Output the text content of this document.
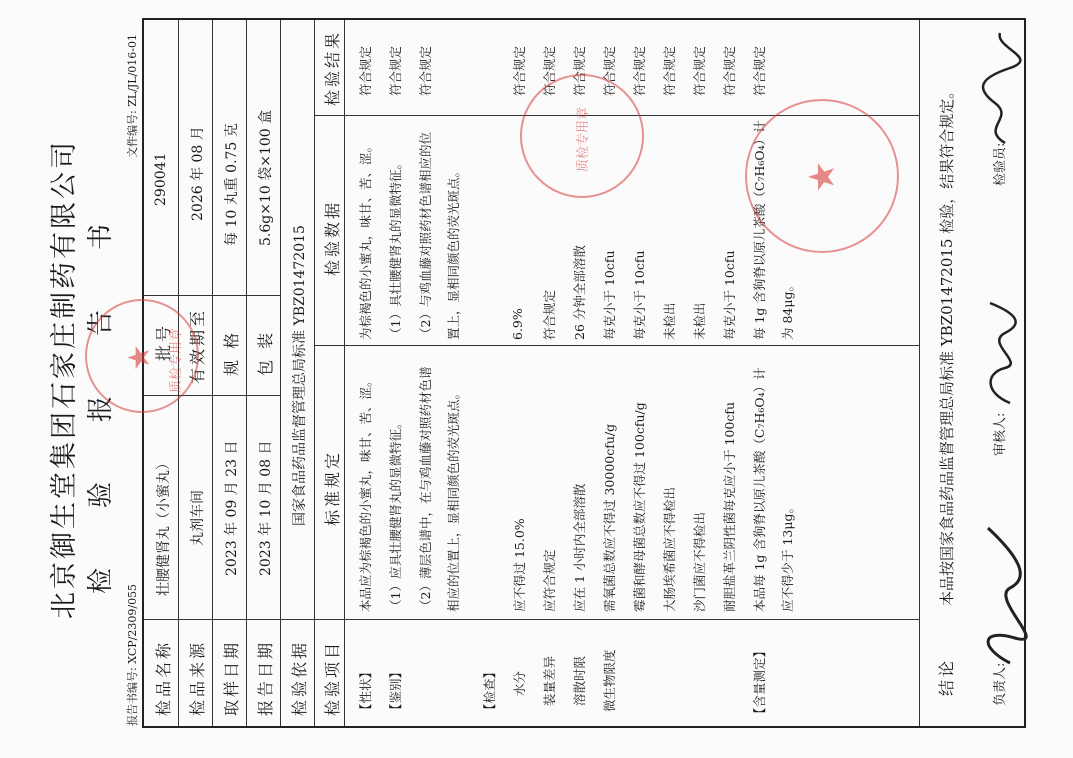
北京御生堂集团石家庄制药有限公司 检验报告书
报告书编号: XCP/2309/055
文件编号: ZL/JL/016-01
检品名称
壮腰健肾丸（小蜜丸）
批号
290041
检品来源
丸剂车间
有效期至
2026 年 08 月
取样日期
2023 年 09 月 23 日
规 格
每 10 丸重 0.75 克
报告日期
2023 年 10 月 08 日
包 装
5.6g×10 袋×100 盒
检验依据
国家食品药品监督管理总局标准 YBZ01472015
检验项目
标准规定
检验数据
检验结果
【性状】
本品应为棕褐色的小蜜丸，味甘、苦、涩。
为棕褐色的小蜜丸，味甘、苦、涩。
符合规定
【鉴别】
（1）应具壮腰健肾丸的显微特征。
（1）具壮腰健肾丸的显微特征。
符合规定
（2）薄层色谱中，在与鸡血藤对照药材色谱 相应的位置上，显相同颜色的荧光斑点。
（2）与鸡血藤对照药材色谱相应的位 置上，显相同颜色的荧光斑点。
符合规定
【检查】 水分
应不得过 15.0%
6.9%
符合规定
装量差异
应符合规定
符合规定
符合规定
溶散时限
应在 1 小时内全部溶散
26 分钟全部溶散
符合规定
微生物限度
需氧菌总数应不得过 30000cfu/g
每克小于 10cfu
符合规定
霉菌和酵母菌总数应不得过 100cfu/g
每克小于 10cfu
符合规定
大肠埃希菌应不得检出
未检出
符合规定
沙门菌应不得检出
未检出
符合规定
耐胆盐革兰阴性菌每克应小于 100cfu
每克小于 10cfu
符合规定
【含量测定】
本品每 1g 含狗脊以原儿茶酸（C₇H₆O₄）计 应不得少于 13μg。
每 1g 含狗脊以原儿茶酸（C₇H₆O₄）计 为 84μg。
符合规定
结论
本品按国家食品药品监督管理总局标准 YBZ01472015 检验，结果符合规定。
负责人:
审核人:
检验员:
★ 质检专用章
★
质检专用章
